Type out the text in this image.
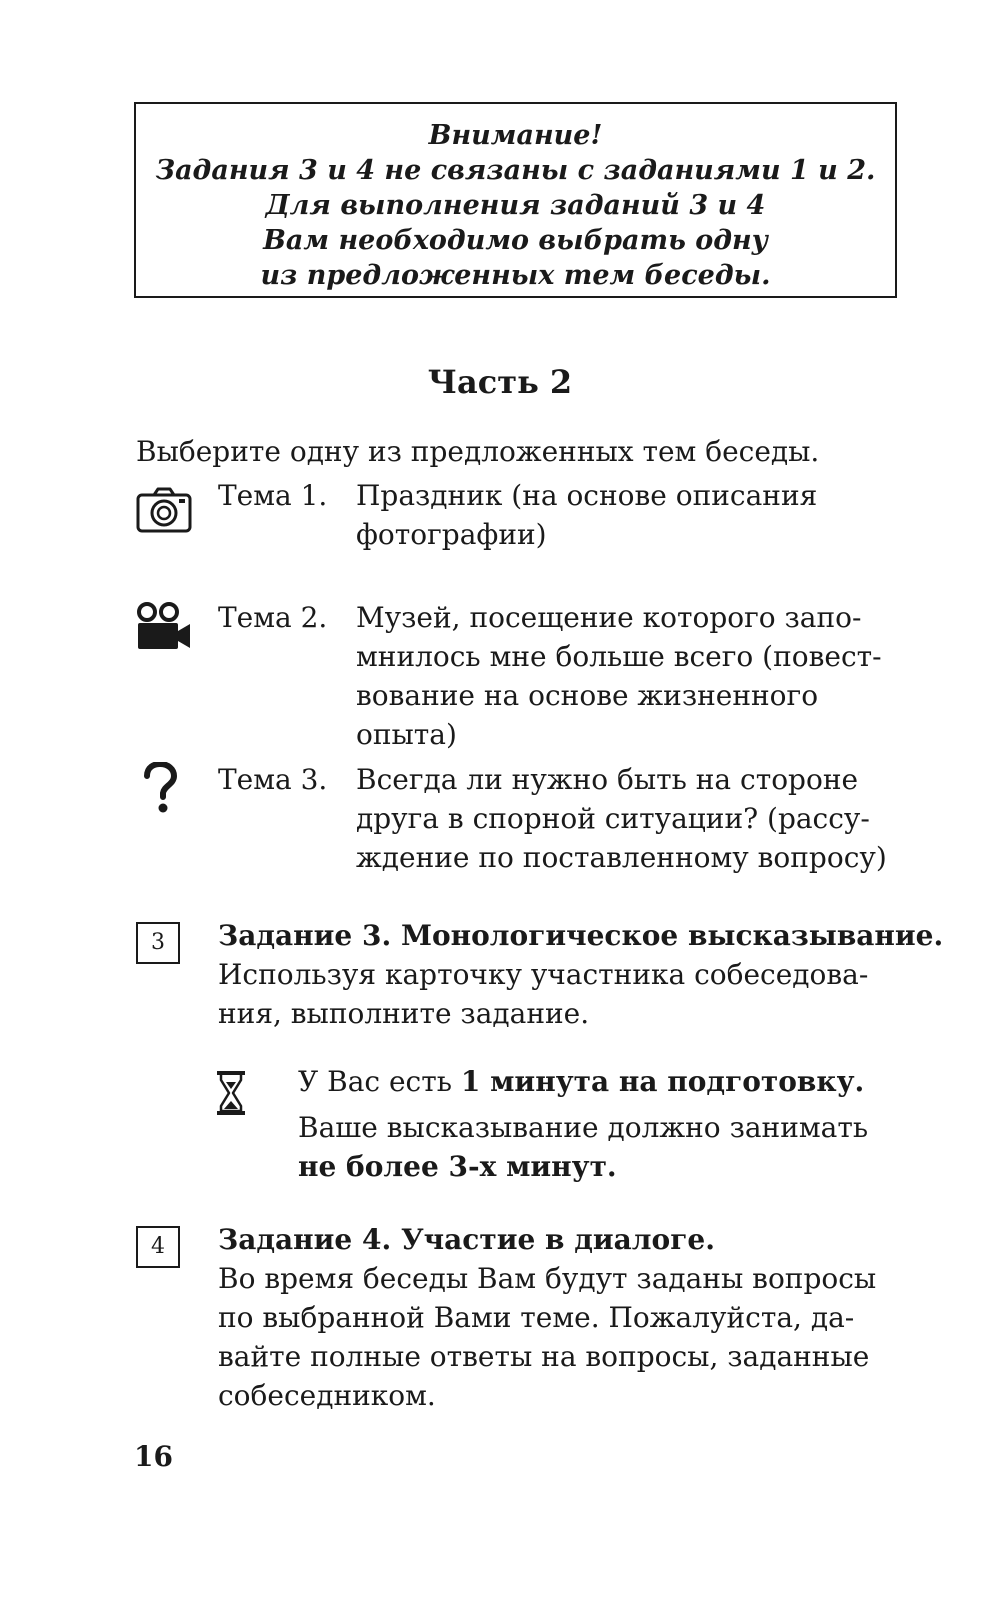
Внимание!
Задания 3 и 4 не связаны с заданиями 1 и 2.
Для выполнения заданий 3 и 4
Вам необходимо выбрать одну
из предложенных тем беседы.
Часть 2
Выберите одну из предложенных тем беседы.
Тема 1. Праздник (на основе описания
фотографии)
Тема 2. Музей, посещение которого запо-
мнилось мне больше всего (повест-
вование на основе жизненного
опыта)
Тема 3. Всегда ли нужно быть на стороне
друга в спорной ситуации? (рассу-
ждение по поставленному вопросу)
3	Задание 3. Монологическое высказывание.
Используя карточку участника собеседова-
ния, выполните задание.
У Вас есть 1 минута на подготовку.
Ваше высказывание должно занимать
не более 3-х минут.
4	Задание 4. Участие в диалоге.
Во время беседы Вам будут заданы вопросы
по выбранной Вами теме. Пожалуйста, да-
вайте полные ответы на вопросы, заданные
собеседником.
16
